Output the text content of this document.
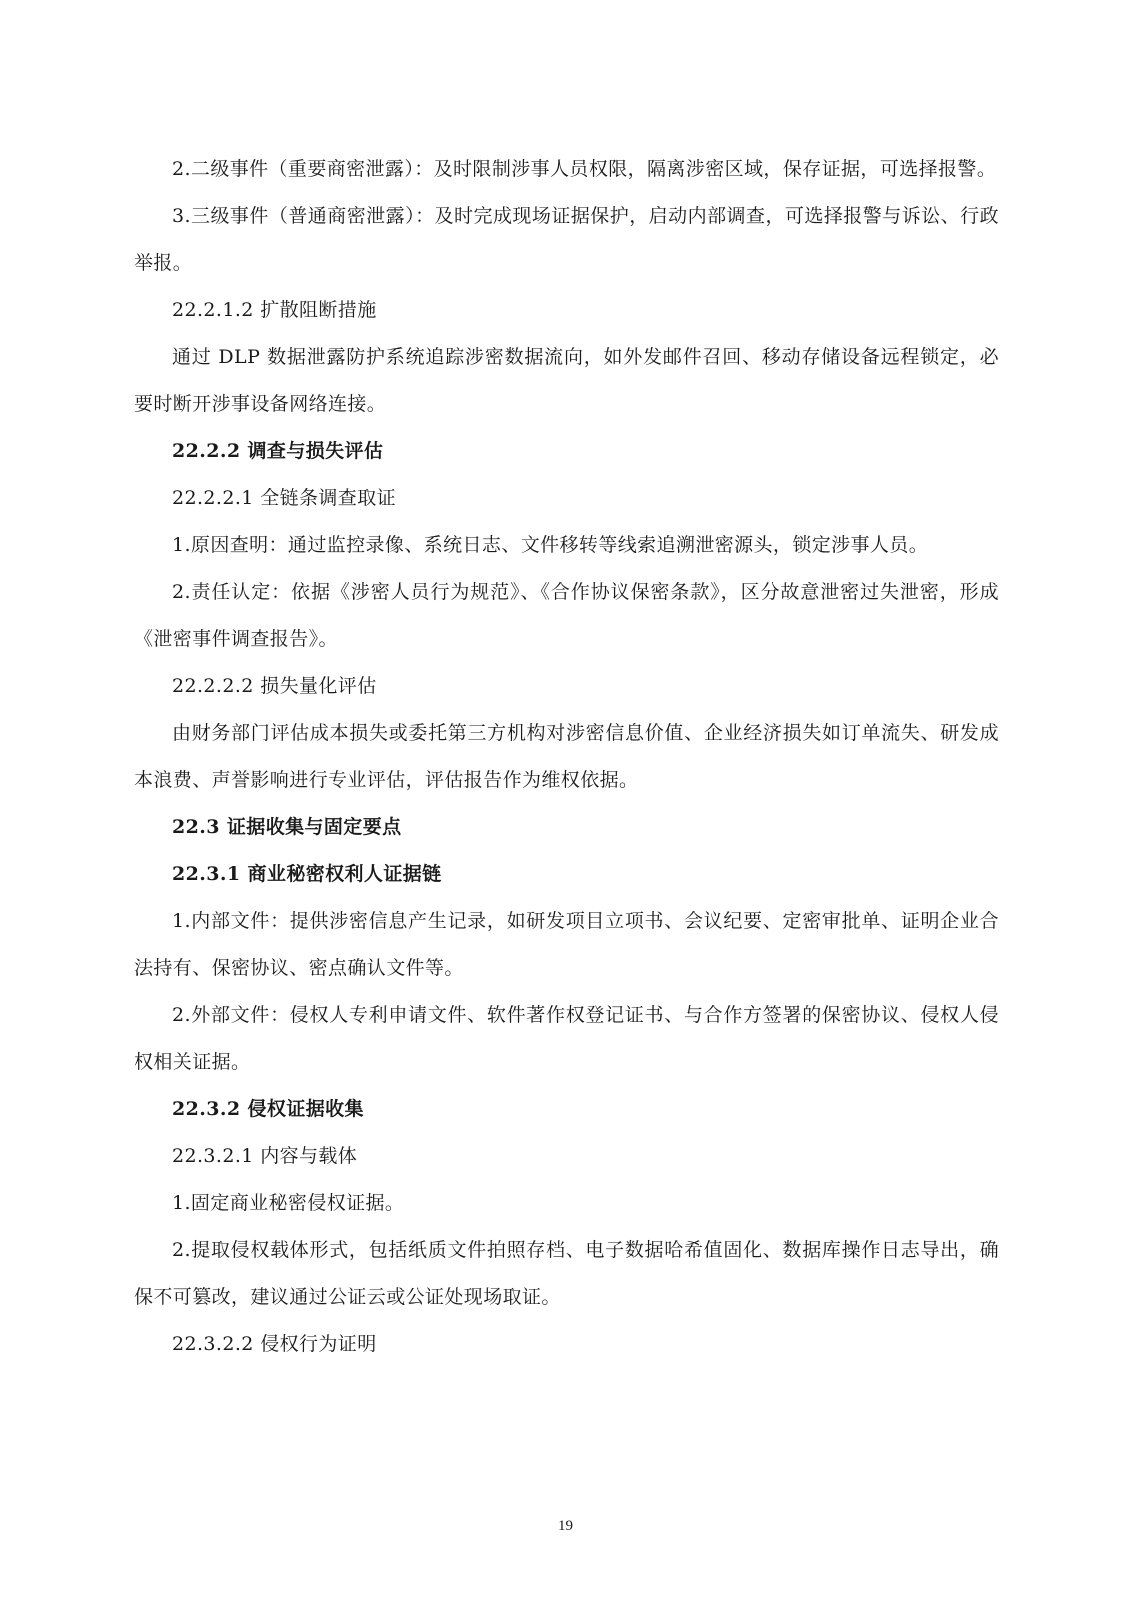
2.二级事件（重要商密泄露）：及时限制涉事人员权限，隔离涉密区域，保存证据，可选择报警。

3.三级事件（普通商密泄露）：及时完成现场证据保护，启动内部调查，可选择报警与诉讼、行政举报。

22.2.1.2 扩散阻断措施

通过 DLP 数据泄露防护系统追踪涉密数据流向，如外发邮件召回、移动存储设备远程锁定，必要时断开涉事设备网络连接。

22.2.2 调查与损失评估

22.2.2.1 全链条调查取证

1.原因查明：通过监控录像、系统日志、文件移转等线索追溯泄密源头，锁定涉事人员。

2.责任认定：依据《涉密人员行为规范》、《合作协议保密条款》，区分故意泄密过失泄密，形成《泄密事件调查报告》。

22.2.2.2 损失量化评估

由财务部门评估成本损失或委托第三方机构对涉密信息价值、企业经济损失如订单流失、研发成本浪费、声誉影响进行专业评估，评估报告作为维权依据。

22.3 证据收集与固定要点

22.3.1 商业秘密权利人证据链

1.内部文件：提供涉密信息产生记录，如研发项目立项书、会议纪要、定密审批单、证明企业合法持有、保密协议、密点确认文件等。

2.外部文件：侵权人专利申请文件、软件著作权登记证书、与合作方签署的保密协议、侵权人侵权相关证据。

22.3.2 侵权证据收集

22.3.2.1 内容与载体

1.固定商业秘密侵权证据。

2.提取侵权载体形式，包括纸质文件拍照存档、电子数据哈希值固化、数据库操作日志导出，确保不可篡改，建议通过公证云或公证处现场取证。

22.3.2.2 侵权行为证明

19
